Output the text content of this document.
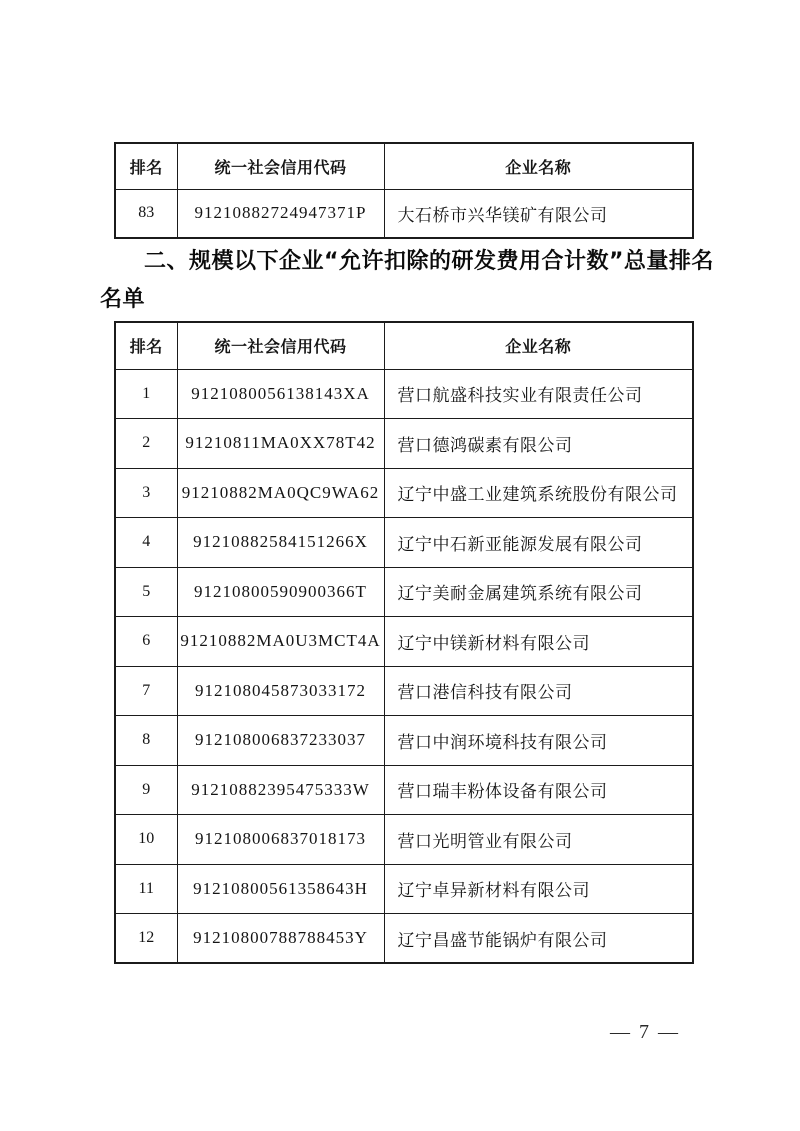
排名	统一社会信用代码	企业名称
83	91210882724947371P	大石桥市兴华镁矿有限公司
二、规模以下企业“允许扣除的研发费用合计数”总量排名
名单
排名	统一社会信用代码	企业名称
1	9121080056138143XA	营口航盛科技实业有限责任公司
2	91210811MA0XX78T42	营口德鸿碳素有限公司
3	91210882MA0QC9WA62	辽宁中盛工业建筑系统股份有限公司
4	91210882584151266X	辽宁中石新亚能源发展有限公司
5	91210800590900366T	辽宁美耐金属建筑系统有限公司
6	91210882MA0U3MCT4A	辽宁中镁新材料有限公司
7	912108045873033172	营口港信科技有限公司
8	912108006837233037	营口中润环境科技有限公司
9	91210882395475333W	营口瑞丰粉体设备有限公司
10	912108006837018173	营口光明管业有限公司
11	91210800561358643H	辽宁卓异新材料有限公司
12	91210800788788453Y	辽宁昌盛节能锅炉有限公司
— 7 —
